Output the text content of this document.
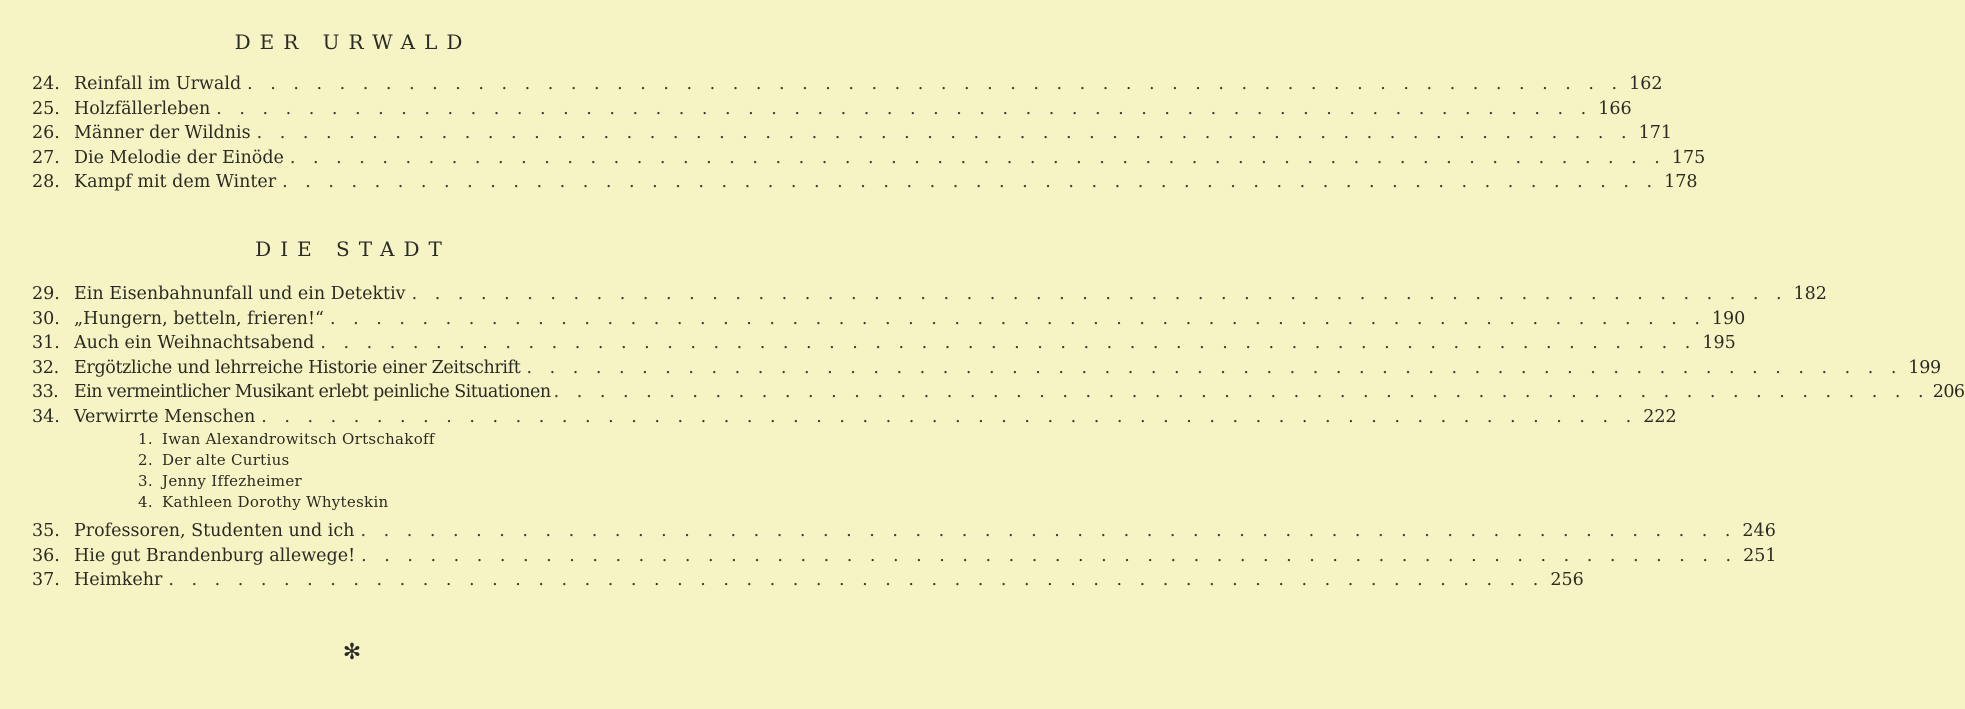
DER URWALD
24. Reinfall im Urwald . . . . . . . . . . . . . . . . . . . . . . . . . . . . . . . . . . . . . . . . . . . . . . . . . . . . . . . . . . . . 162
25. Holzfällerleben . . . . . . . . . . . . . . . . . . . . . . . . . . . . . . . . . . . . . . . . . . . . . . . . . . . . . . . . . . . . 166
26. Männer der Wildnis . . . . . . . . . . . . . . . . . . . . . . . . . . . . . . . . . . . . . . . . . . . . . . . . . . . . . . . . . . . . 171
27. Die Melodie der Einöde . . . . . . . . . . . . . . . . . . . . . . . . . . . . . . . . . . . . . . . . . . . . . . . . . . . . . . . . . . . . 175
28. Kampf mit dem Winter . . . . . . . . . . . . . . . . . . . . . . . . . . . . . . . . . . . . . . . . . . . . . . . . . . . . . . . . . . . . 178
DIE STADT
29. Ein Eisenbahnunfall und ein Detektiv . . . . . . . . . . . . . . . . . . . . . . . . . . . . . . . . . . . . . . . . . . . . . . . . . . . . . . . . . . . . 182
30. „Hungern, betteln, frieren!“ . . . . . . . . . . . . . . . . . . . . . . . . . . . . . . . . . . . . . . . . . . . . . . . . . . . . . . . . . . . . 190
31. Auch ein Weihnachtsabend . . . . . . . . . . . . . . . . . . . . . . . . . . . . . . . . . . . . . . . . . . . . . . . . . . . . . . . . . . . . 195
32. Ergötzliche und lehrreiche Historie einer Zeitschrift . . . . . . . . . . . . . . . . . . . . . . . . . . . . . . . . . . . . . . . . . . . . . . . . . . . . . . . . . . . . 199
33. Ein vermeintlicher Musikant erlebt peinliche Situationen . . . . . . . . . . . . . . . . . . . . . . . . . . . . . . . . . . . . . . . . . . . . . . . . . . . . . . . . . . . . 206
34. Verwirrte Menschen . . . . . . . . . . . . . . . . . . . . . . . . . . . . . . . . . . . . . . . . . . . . . . . . . . . . . . . . . . . . 222
1. Iwan Alexandrowitsch Ortschakoff
2. Der alte Curtius
3. Jenny Iffezheimer
4. Kathleen Dorothy Whyteskin
35. Professoren, Studenten und ich . . . . . . . . . . . . . . . . . . . . . . . . . . . . . . . . . . . . . . . . . . . . . . . . . . . . . . . . . . . . 246
36. Hie gut Brandenburg allewege! . . . . . . . . . . . . . . . . . . . . . . . . . . . . . . . . . . . . . . . . . . . . . . . . . . . . . . . . . . . . 251
37. Heimkehr . . . . . . . . . . . . . . . . . . . . . . . . . . . . . . . . . . . . . . . . . . . . . . . . . . . . . . . . . . . . 256
✻
